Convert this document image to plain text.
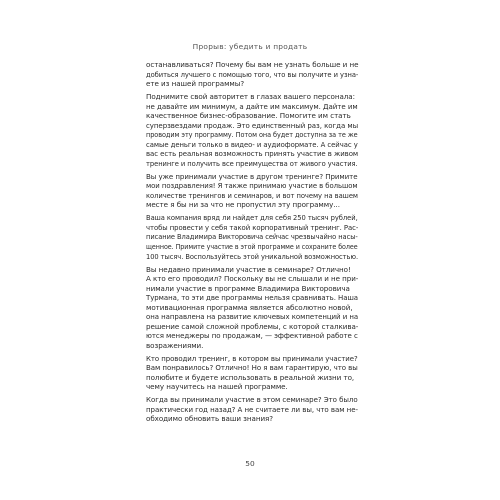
Прорыв: убедить и продать

останавливаться? Почему бы вам не узнать больше и не
добиться лучшего с помощью того, что вы получите и узна-
ете из нашей программы?

Поднимите свой авторитет в глазах вашего персонала:
не давайте им минимум, а дайте им максимум. Дайте им
качественное бизнес-образование. Помогите им стать
суперзвездами продаж. Это единственный раз, когда мы
проводим эту программу. Потом она будет доступна за те же
самые деньги только в видео- и аудиоформате. А сейчас у
вас есть реальная возможность принять участие в живом
тренинге и получить все преимущества от живого участия.

Вы уже принимали участие в другом тренинге? Примите
мои поздравления! Я также принимаю участие в большом
количестве тренингов и семинаров, и вот почему на вашем
месте я бы ни за что не пропустил эту программу...

Ваша компания вряд ли найдет для себя 250 тысяч рублей,
чтобы провести у себя такой корпоративный тренинг. Рас-
писание Владимира Викторовича сейчас чрезвычайно насы-
щенное. Примите участие в этой программе и сохраните более
100 тысяч. Воспользуйтесь этой уникальной возможностью.

Вы недавно принимали участие в семинаре? Отлично!
А кто его проводил? Поскольку вы не слышали и не при-
нимали участие в программе Владимира Викторовича
Турмана, то эти две программы нельзя сравнивать. Наша
мотивационная программа является абсолютно новой,
она направлена на развитие ключевых компетенций и на
решение самой сложной проблемы, с которой сталкива-
ются менеджеры по продажам, — эффективной работе с
возражениями.

Кто проводил тренинг, в котором вы принимали участие?
Вам понравилось? Отлично! Но я вам гарантирую, что вы
полюбите и будете использовать в реальной жизни то,
чему научитесь на нашей программе.

Когда вы принимали участие в этом семинаре? Это было
практически год назад? А не считаете ли вы, что вам не-
обходимо обновить ваши знания?

50
